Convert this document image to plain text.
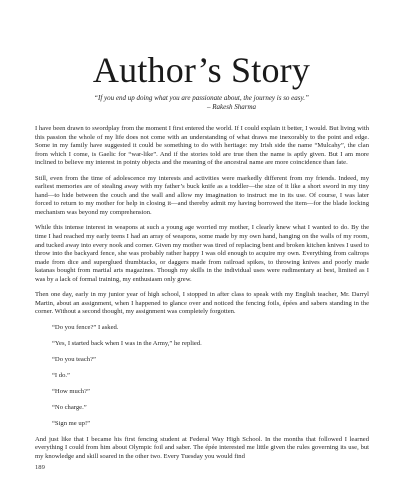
Author’s Story
“If you end up doing what you are passionate about, the journey is so easy.”
– Rakesh Sharma

I have been drawn to swordplay from the moment I first entered the world. If I could explain it better, I would. But living with this passion the whole of my life does not come with an understanding of what draws me inexorably to the point and edge. Some in my family have suggested it could be something to do with heritage: my Irish side the name “Mulcahy”, the clan from which I come, is Gaelic for “war-like”. And if the stories told are true then the name is aptly given. But I am more inclined to believe my interest in pointy objects and the meaning of the ancestral name are more coincidence than fate.

Still, even from the time of adolescence my interests and activities were markedly different from my friends. Indeed, my earliest memories are of stealing away with my father’s buck knife as a toddler—the size of it like a short sword in my tiny hand—to hide between the couch and the wall and allow my imagination to instruct me in its use. Of course, I was later forced to return to my mother for help in closing it—and thereby admit my having borrowed the item—for the blade locking mechanism was beyond my comprehension.

While this intense interest in weapons at such a young age worried my mother, I clearly knew what I wanted to do. By the time I had reached my early teens I had an array of weapons, some made by my own hand, hanging on the walls of my room, and tucked away into every nook and corner. Given my mother was tired of replacing bent and broken kitchen knives I used to throw into the backyard fence, she was probably rather happy I was old enough to acquire my own. Everything from caltrops made from dice and superglued thumbtacks, or daggers made from railroad spikes, to throwing knives and poorly made katanas bought from martial arts magazines. Though my skills in the individual uses were rudimentary at best, limited as I was by a lack of formal training, my enthusiasm only grew.

Then one day, early in my junior year of high school, I stopped in after class to speak with my English teacher, Mr. Darryl Martin, about an assignment, when I happened to glance over and noticed the fencing foils, épées and sabers standing in the corner. Without a second thought, my assignment was completely forgotten.

“Do you fence?” I asked.

“Yes, I started back when I was in the Army,” he replied.

“Do you teach?”

“I do.”

“How much?”

“No charge.”

“Sign me up!”

And just like that I became his first fencing student at Federal Way High School. In the months that followed I learned everything I could from him about Olympic foil and saber. The épée interested me little given the rules governing its use, but my knowledge and skill soared in the other two. Every Tuesday you would find

189
